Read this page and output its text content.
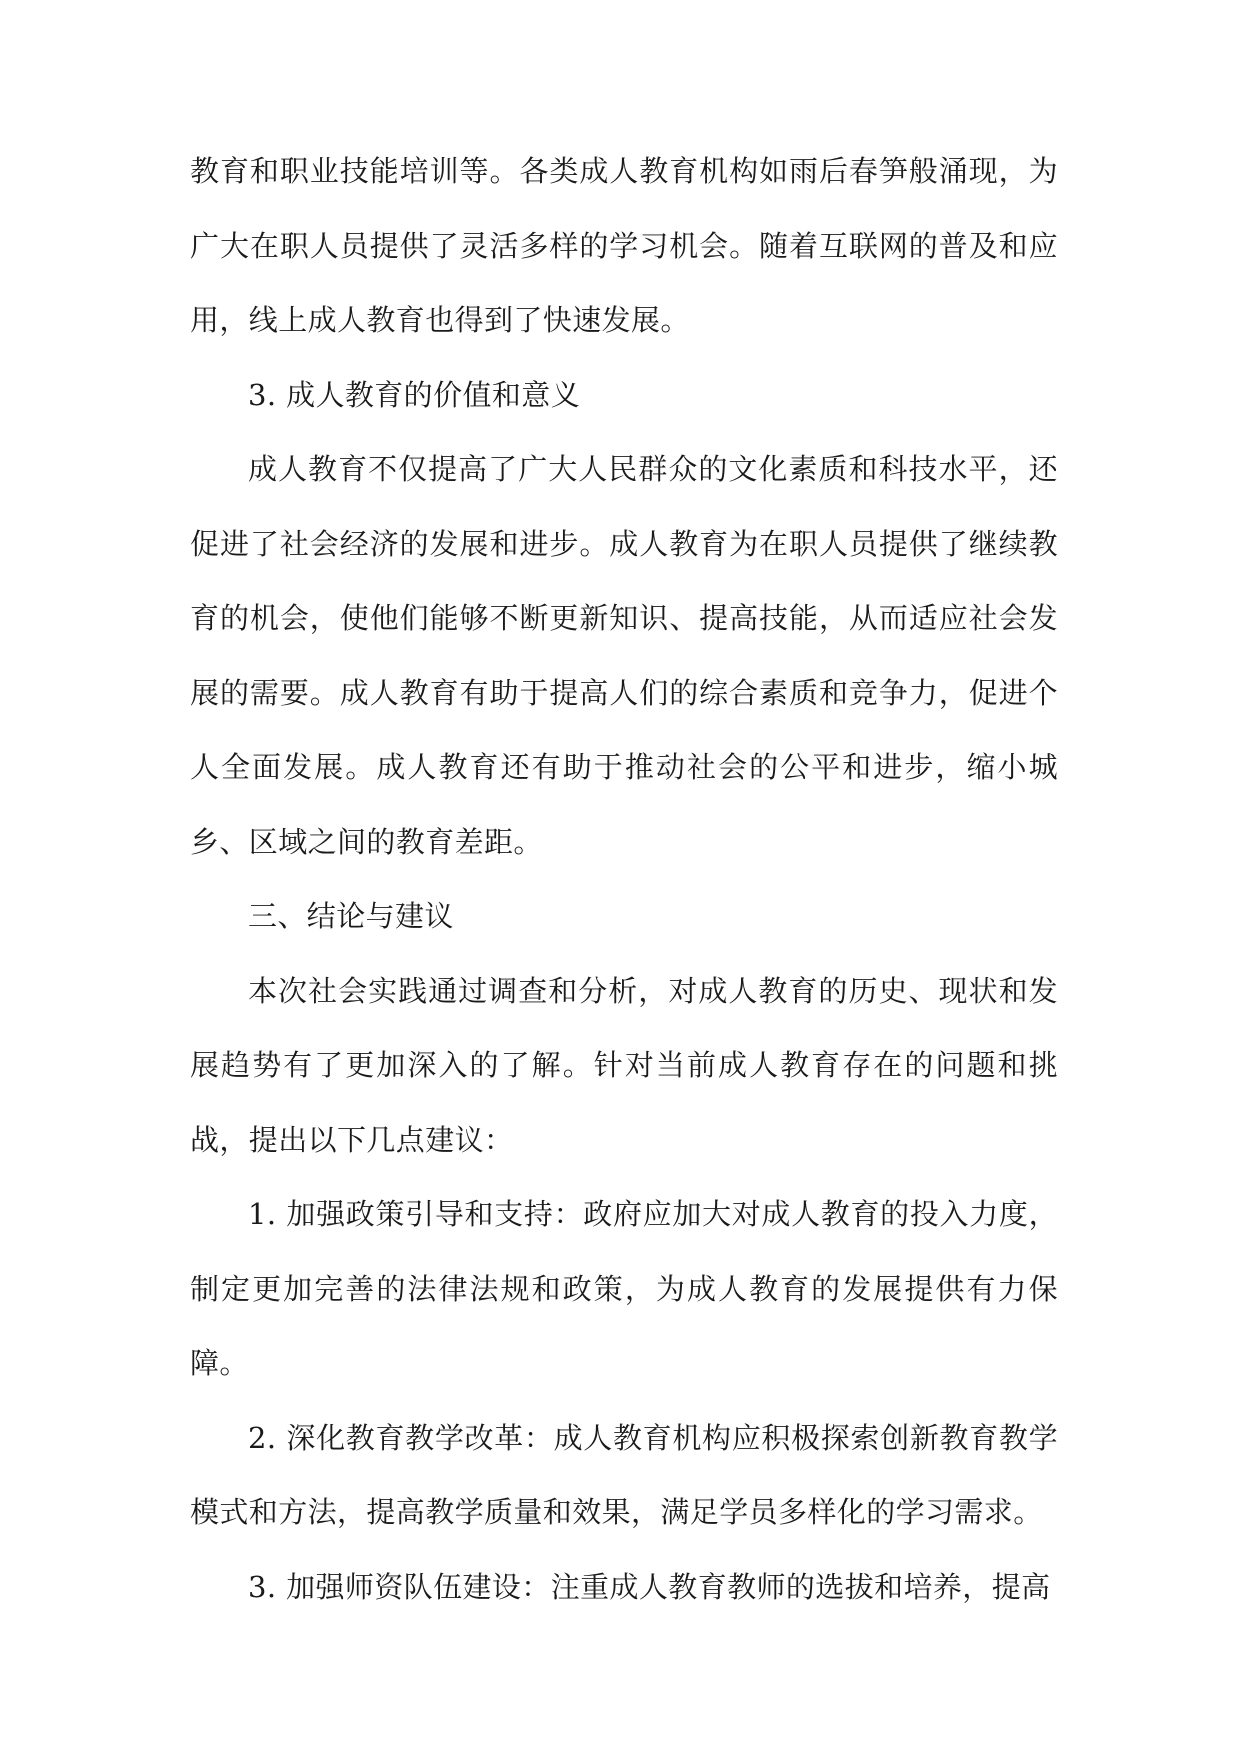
教育和职业技能培训等。各类成人教育机构如雨后春笋般涌现，为广大在职人员提供了灵活多样的学习机会。随着互联网的普及和应用，线上成人教育也得到了快速发展。

3. 成人教育的价值和意义

成人教育不仅提高了广大人民群众的文化素质和科技水平，还促进了社会经济的发展和进步。成人教育为在职人员提供了继续教育的机会，使他们能够不断更新知识、提高技能，从而适应社会发展的需要。成人教育有助于提高人们的综合素质和竞争力，促进个人全面发展。成人教育还有助于推动社会的公平和进步，缩小城乡、区域之间的教育差距。

三、结论与建议

本次社会实践通过调查和分析，对成人教育的历史、现状和发展趋势有了更加深入的了解。针对当前成人教育存在的问题和挑战，提出以下几点建议：

1. 加强政策引导和支持：政府应加大对成人教育的投入力度，制定更加完善的法律法规和政策，为成人教育的发展提供有力保障。

2. 深化教育教学改革：成人教育机构应积极探索创新教育教学模式和方法，提高教学质量和效果，满足学员多样化的学习需求。

3. 加强师资队伍建设：注重成人教育教师的选拔和培养，提高
